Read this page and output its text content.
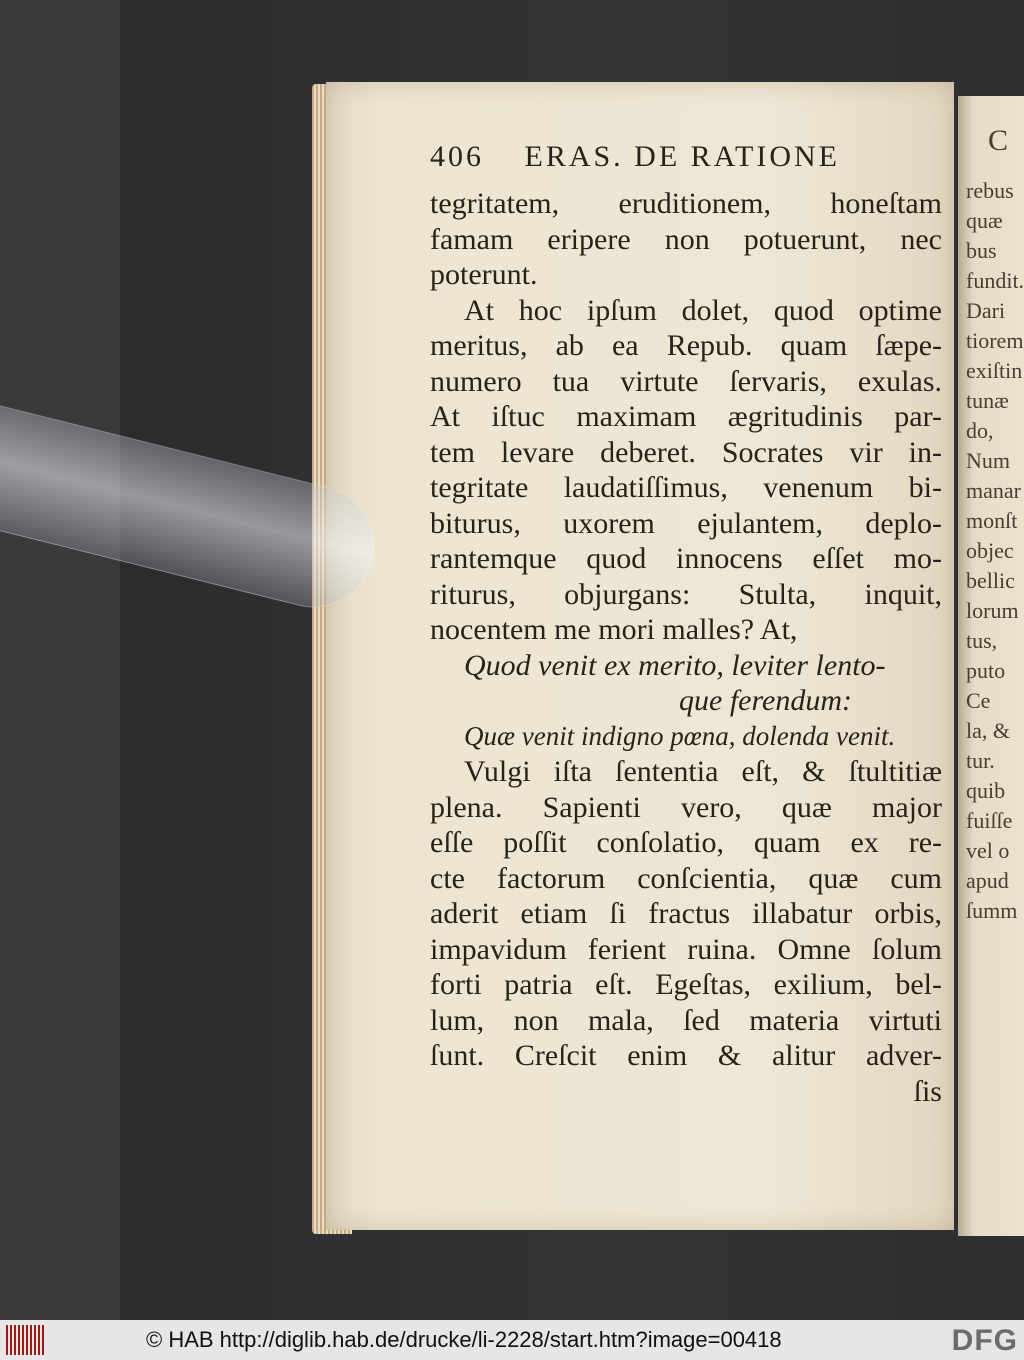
C
rebus
quæ
bus
fundit.
Dari
tiorem
exiſtin
tunæ
do,
Num
manar
monſt
objec
bellic
lorum
tus,
puto
Ce
la, &
tur.
quib
fuiſſe
vel o
apud
ſumm
406 ERAS. DE RATIONE
tegritatem, eruditionem, honeſtam
famam eripere non potuerunt, nec
poterunt.
At hoc ipſum dolet, quod optime
meritus, ab ea Repub. quam ſæpe-
numero tua virtute ſervaris, exulas.
At iſtuc maximam ægritudinis par-
tem levare deberet. Socrates vir in-
tegritate laudatiſſimus, venenum bi-
biturus, uxorem ejulantem, deplo-
rantemque quod innocens eſſet mo-
riturus, objurgans: Stulta, inquit,
nocentem me mori malles? At,
Quod venit ex merito, leviter lento-
que ferendum:
Quæ venit indigno pœna, dolenda venit.
Vulgi iſta ſententia eſt, & ſtultitiæ
plena. Sapienti vero, quæ major
eſſe poſſit conſolatio, quam ex re-
cte factorum conſcientia, quæ cum
aderit etiam ſi fractus illabatur orbis,
impavidum ferient ruina. Omne ſolum
forti patria eſt. Egeſtas, exilium, bel-
lum, non mala, ſed materia virtuti
ſunt. Creſcit enim & alitur adver-
ſis
© HAB http://diglib.hab.de/drucke/li-2228/start.htm?image=00418	DFG
